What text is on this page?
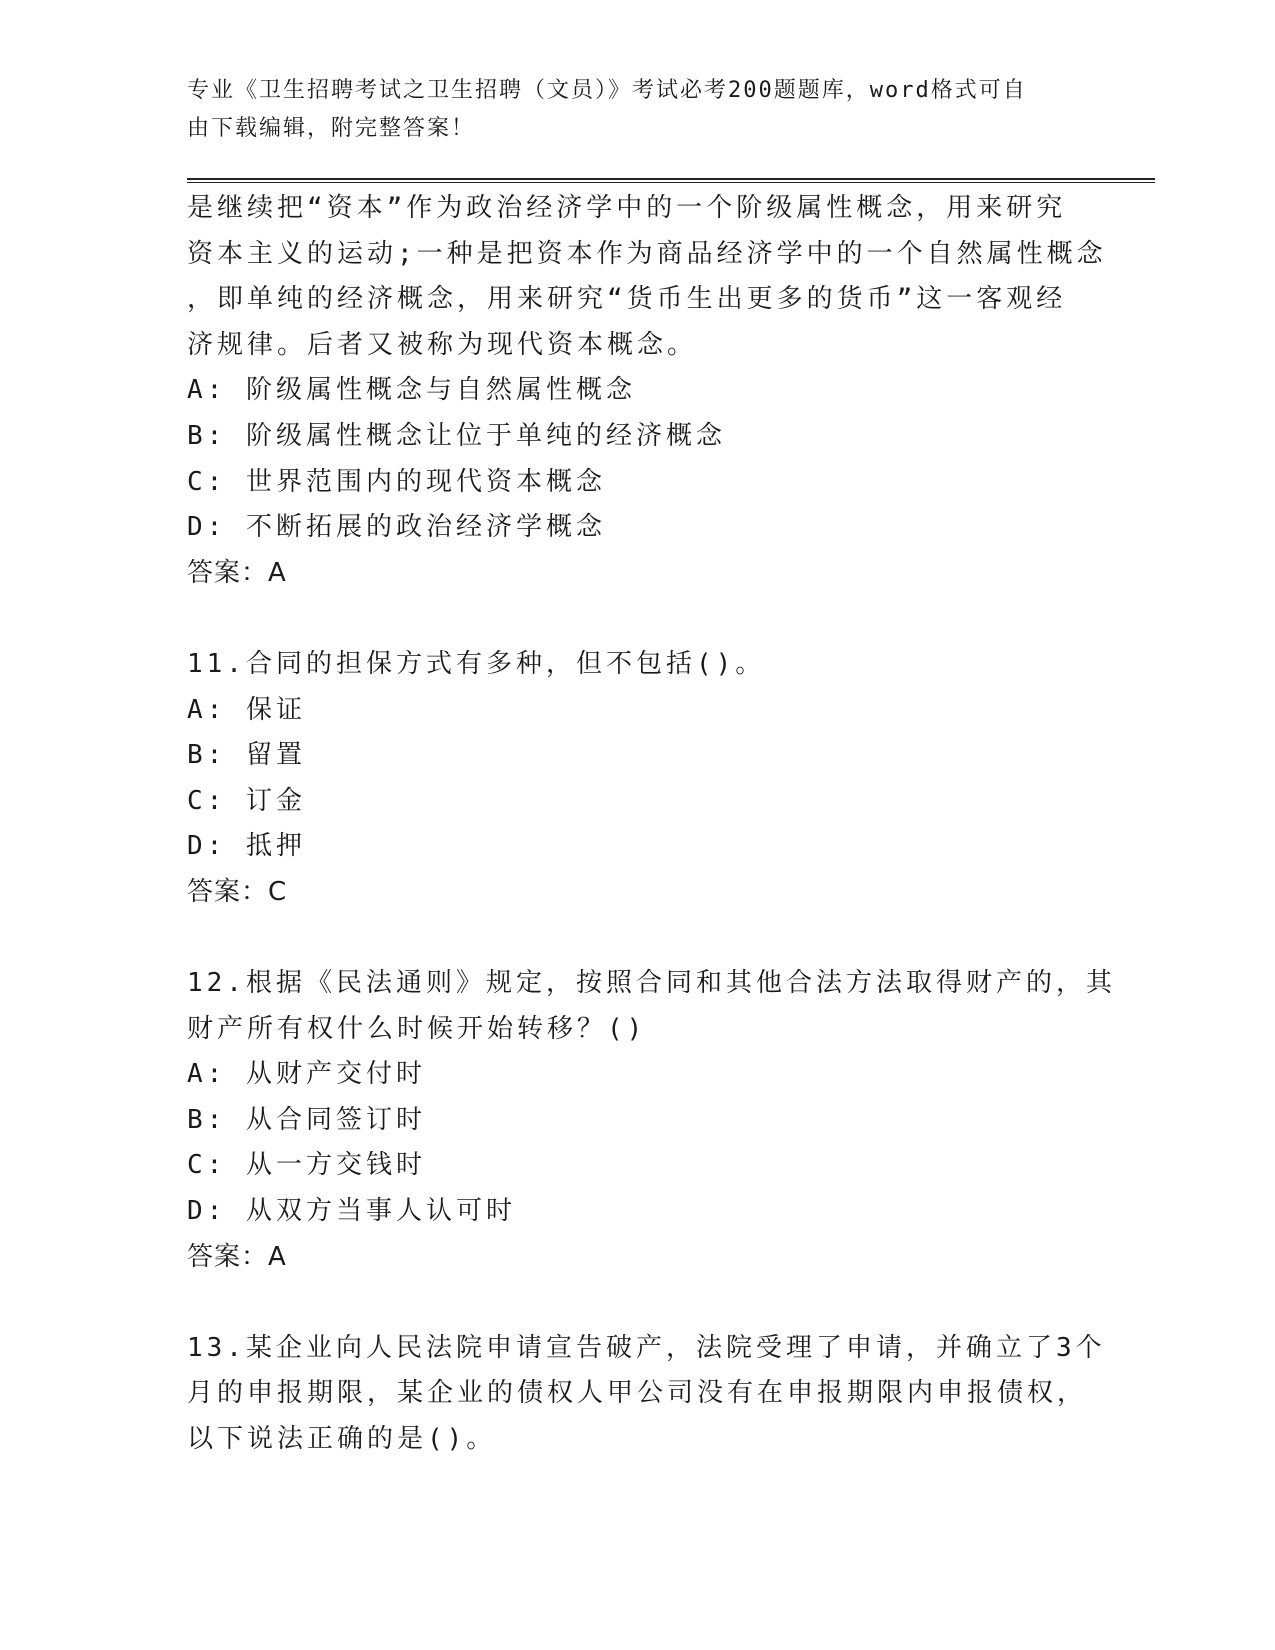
专业《卫生招聘考试之卫生招聘（文员）》考试必考200题题库，word格式可自
由下载编辑，附完整答案！
是继续把“资本”作为政治经济学中的一个阶级属性概念，用来研究
资本主义的运动;一种是把资本作为商品经济学中的一个自然属性概念
，即单纯的经济概念，用来研究“货币生出更多的货币”这一客观经
济规律。后者又被称为现代资本概念。
A: 阶级属性概念与自然属性概念
B: 阶级属性概念让位于单纯的经济概念
C: 世界范围内的现代资本概念
D: 不断拓展的政治经济学概念
答案：A
11.合同的担保方式有多种，但不包括()。
A: 保证
B: 留置
C: 订金
D: 抵押
答案：C
12.根据《民法通则》规定，按照合同和其他合法方法取得财产的，其
财产所有权什么时候开始转移？()
A: 从财产交付时
B: 从合同签订时
C: 从一方交钱时
D: 从双方当事人认可时
答案：A
13.某企业向人民法院申请宣告破产，法院受理了申请，并确立了3个
月的申报期限，某企业的债权人甲公司没有在申报期限内申报债权，
以下说法正确的是()。
